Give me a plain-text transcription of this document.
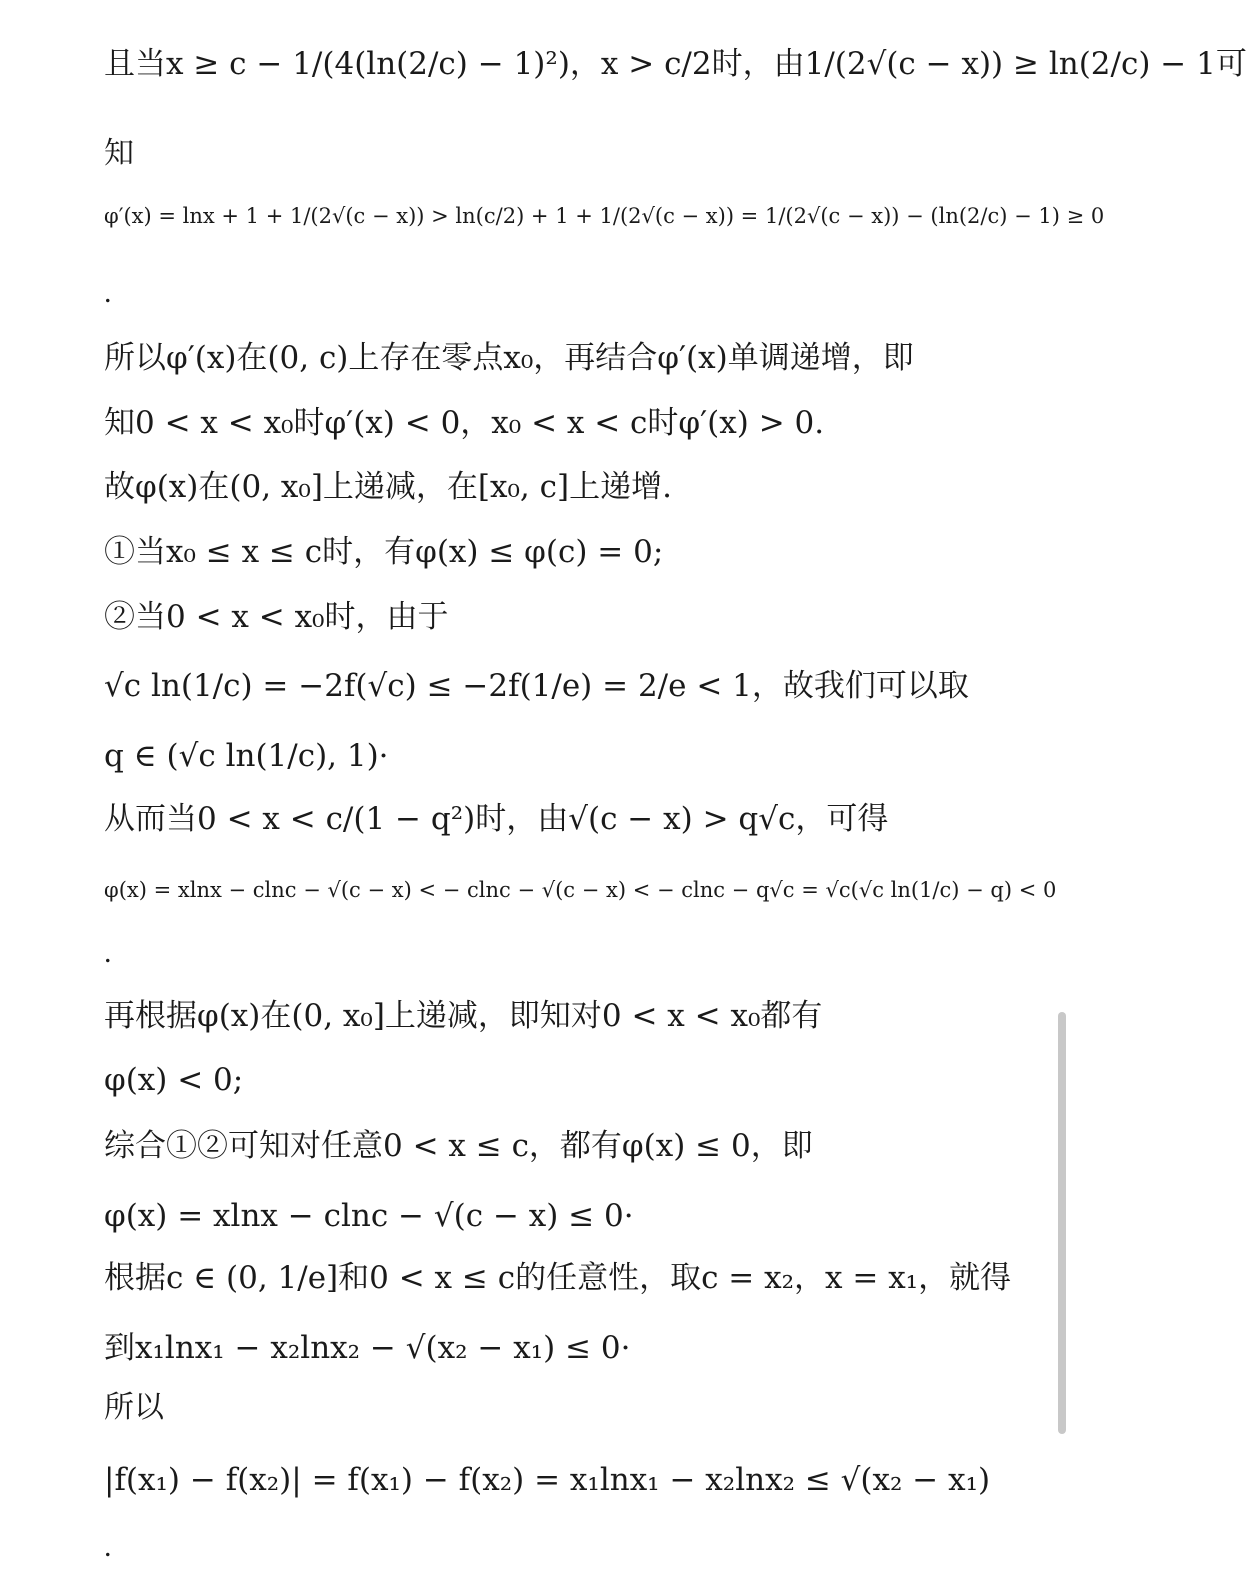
且当x ≥ c − 1/(4(ln(2/c) − 1)²)，x > c/2时，由1/(2√(c − x)) ≥ ln(2/c) − 1可
知
φ′(x) = lnx + 1 + 1/(2√(c − x)) > ln(c/2) + 1 + 1/(2√(c − x)) = 1/(2√(c − x)) − (ln(2/c) − 1) ≥ 0
.
所以φ′(x)在(0, c)上存在零点x₀，再结合φ′(x)单调递增，即
知0 < x < x₀时φ′(x) < 0，x₀ < x < c时φ′(x) > 0.
故φ(x)在(0, x₀]上递减，在[x₀, c]上递增.
①当x₀ ≤ x ≤ c时，有φ(x) ≤ φ(c) = 0;
②当0 < x < x₀时，由于
√c ln(1/c) = −2f(√c) ≤ −2f(1/e) = 2/e < 1，故我们可以取
q ∈ (√c ln(1/c), 1)·
从而当0 < x < c/(1 − q²)时，由√(c − x) > q√c，可得
φ(x) = xlnx − clnc − √(c − x) < − clnc − √(c − x) < − clnc − q√c = √c(√c ln(1/c) − q) < 0
.
再根据φ(x)在(0, x₀]上递减，即知对0 < x < x₀都有
φ(x) < 0;
综合①②可知对任意0 < x ≤ c，都有φ(x) ≤ 0，即
φ(x) = xlnx − clnc − √(c − x) ≤ 0·
根据c ∈ (0, 1/e]和0 < x ≤ c的任意性，取c = x₂，x = x₁，就得
到x₁lnx₁ − x₂lnx₂ − √(x₂ − x₁) ≤ 0·
所以
|f(x₁) − f(x₂)| = f(x₁) − f(x₂) = x₁lnx₁ − x₂lnx₂ ≤ √(x₂ − x₁)
.
